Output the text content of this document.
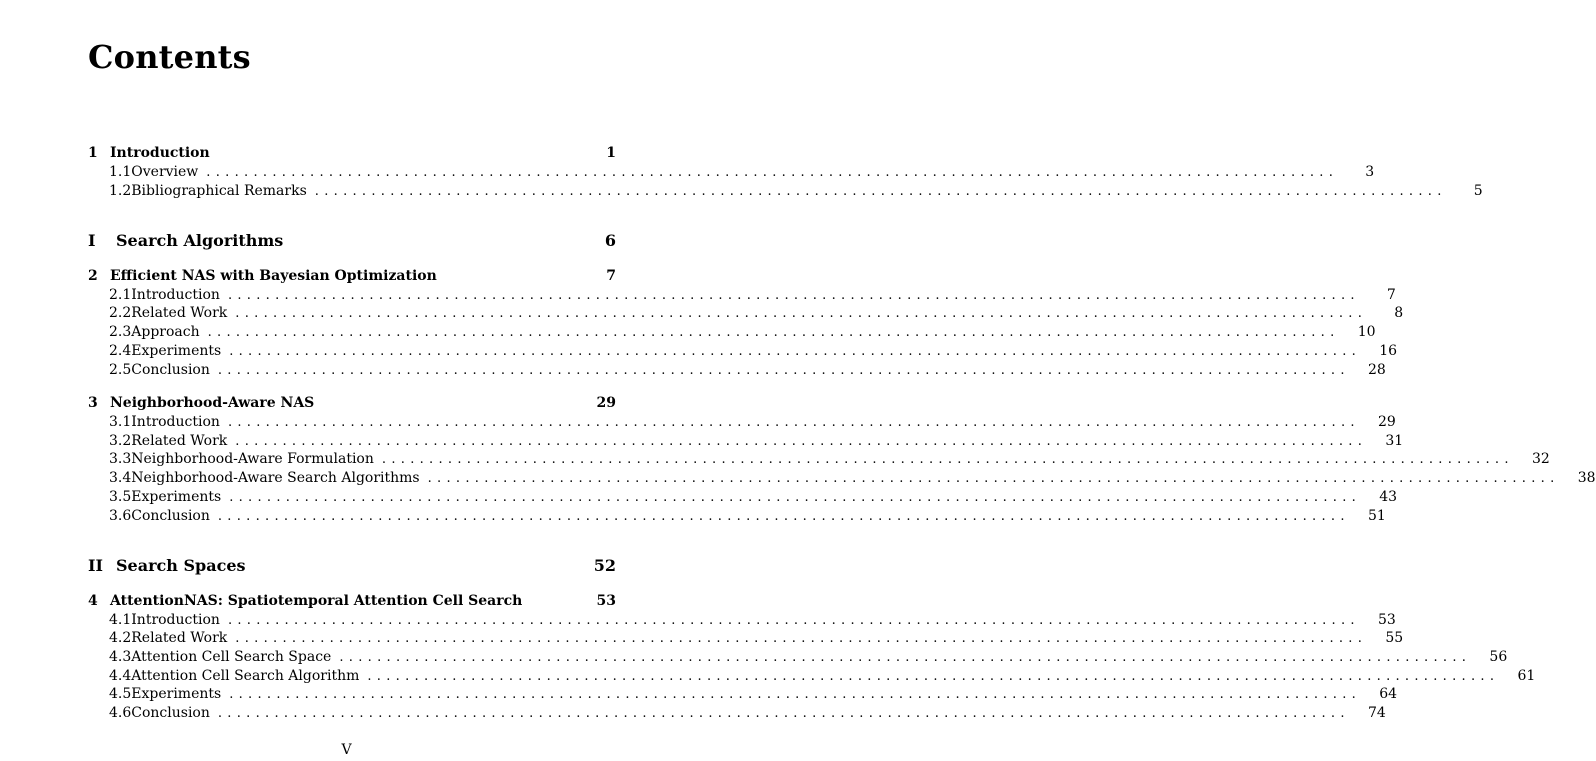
Contents
1 Introduction	1
1.1 Overview ........................................................................................................................	3
1.2 Bibliographical Remarks ........................................................................................................................	5
I	Search Algorithms	6
2 Efficient NAS with Bayesian Optimization	7
2.1 Introduction ........................................................................................................................	7
2.2 Related Work ........................................................................................................................	8
2.3 Approach ........................................................................................................................	10
2.4 Experiments ........................................................................................................................	16
2.5 Conclusion ........................................................................................................................	28
3 Neighborhood-Aware NAS	29
3.1 Introduction ........................................................................................................................	29
3.2 Related Work ........................................................................................................................	31
3.3 Neighborhood-Aware Formulation ........................................................................................................................	32
3.4 Neighborhood-Aware Search Algorithms ........................................................................................................................	38
3.5 Experiments ........................................................................................................................	43
3.6 Conclusion ........................................................................................................................	51
II Search Spaces	52
4 AttentionNAS: Spatiotemporal Attention Cell Search	53
4.1 Introduction ........................................................................................................................	53
4.2 Related Work ........................................................................................................................	55
4.3 Attention Cell Search Space ........................................................................................................................	56
4.4 Attention Cell Search Algorithm ........................................................................................................................	61
4.5 Experiments ........................................................................................................................	64
4.6 Conclusion ........................................................................................................................	74
V
